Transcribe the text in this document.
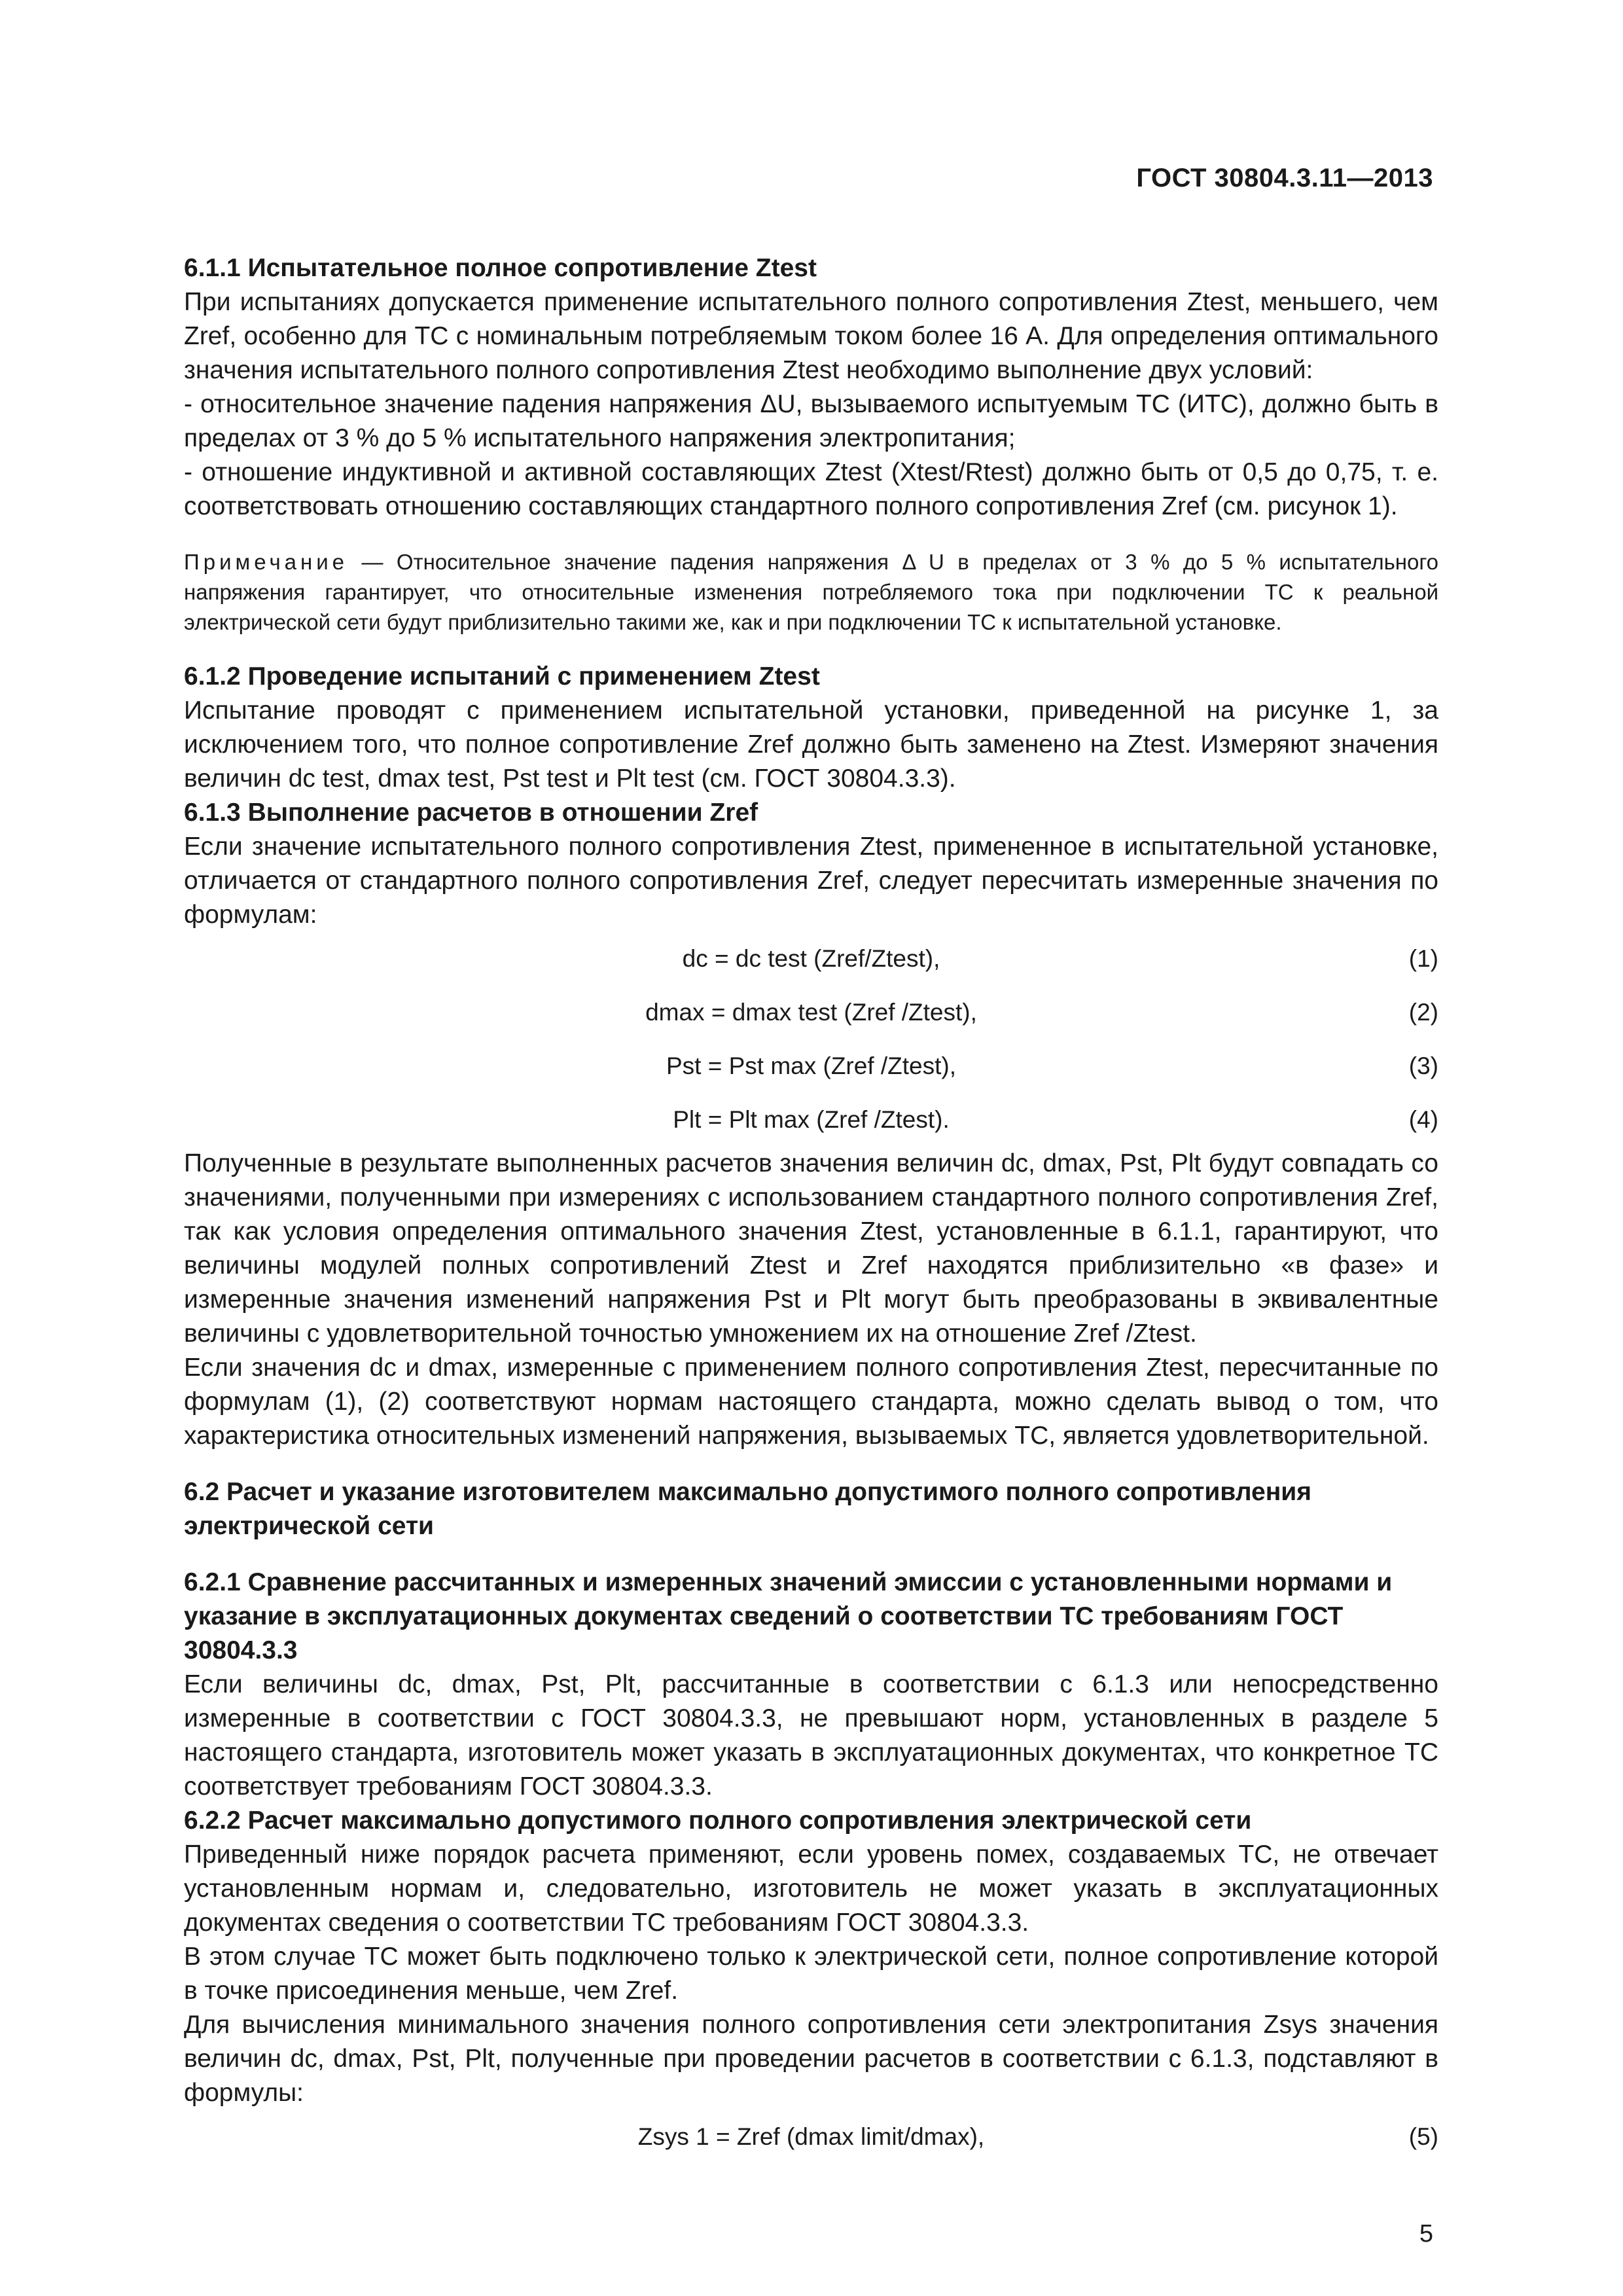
ГОСТ 30804.3.11—2013
6.1.1 Испытательное полное сопротивление Ztest

При испытаниях допускается применение испытательного полного сопротивления Ztest, меньшего, чем Zref, особенно для ТС с номинальным потребляемым током более 16 А. Для определения оптимального значения испытательного полного сопротивления Ztest необходимо выполнение двух условий:

- относительное значение падения напряжения ΔU, вызываемого испытуемым ТС (ИТС), должно быть в пределах от 3 % до 5 % испытательного напряжения электропитания;

- отношение индуктивной и активной составляющих Ztest (Xtest/Rtest) должно быть от 0,5 до 0,75, т. е. соответствовать отношению составляющих стандартного полного сопротивления Zref (см. рисунок 1).

Примечание — Относительное значение падения напряжения Δ U в пределах от 3 % до 5 % испытательного напряжения гарантирует, что относительные изменения потребляемого тока при подключении ТС к реальной электрической сети будут приблизительно такими же, как и при подключении ТС к испытательной установке.

6.1.2 Проведение испытаний с применением Ztest

Испытание проводят с применением испытательной установки, приведенной на рисунке 1, за исключением того, что полное сопротивление Zref должно быть заменено на Ztest. Измеряют значения величин dc test, dmax test, Pst test и Plt test (см. ГОСТ 30804.3.3).

6.1.3 Выполнение расчетов в отношении Zref

Если значение испытательного полного сопротивления Ztest, примененное в испытательной установке, отличается от стандартного полного сопротивления Zref, следует пересчитать измеренные значения по формулам:

dc = dc test (Zref/Ztest),	(1)
dmax = dmax test (Zref /Ztest),	(2)
Pst = Pst max (Zref /Ztest),	(3)
Plt = Plt max (Zref /Ztest).	(4)

Полученные в результате выполненных расчетов значения величин dc, dmax, Pst, Plt будут совпадать со значениями, полученными при измерениях с использованием стандартного полного сопротивления Zref, так как условия определения оптимального значения Ztest, установленные в 6.1.1, гарантируют, что величины модулей полных сопротивлений Ztest и Zref находятся приблизительно «в фазе» и измеренные значения изменений напряжения Pst и Plt могут быть преобразованы в эквивалентные величины с удовлетворительной точностью умножением их на отношение Zref /Ztest.

Если значения dc и dmax, измеренные с применением полного сопротивления Ztest, пересчитанные по формулам (1), (2) соответствуют нормам настоящего стандарта, можно сделать вывод о том, что характеристика относительных изменений напряжения, вызываемых ТС, является удовлетворительной.

6.2 Расчет и указание изготовителем максимально допустимого полного сопротивления электрической сети
6.2.1 Сравнение рассчитанных и измеренных значений эмиссии с установленными нормами и указание в эксплуатационных документах сведений о соответствии ТС требованиям ГОСТ 30804.3.3

Если величины dc, dmax, Pst, Plt, рассчитанные в соответствии с 6.1.3 или непосредственно измеренные в соответствии с ГОСТ 30804.3.3, не превышают норм, установленных в разделе 5 настоящего стандарта, изготовитель может указать в эксплуатационных документах, что конкретное ТС соответствует требованиям ГОСТ 30804.3.3.

6.2.2 Расчет максимально допустимого полного сопротивления электрической сети

Приведенный ниже порядок расчета применяют, если уровень помех, создаваемых ТС, не отвечает установленным нормам и, следовательно, изготовитель не может указать в эксплуатационных документах сведения о соответствии ТС требованиям ГОСТ 30804.3.3.

В этом случае ТС может быть подключено только к электрической сети, полное сопротивление которой в точке присоединения меньше, чем Zref.

Для вычисления минимального значения полного сопротивления сети электропитания Zsys значения величин dc, dmax, Pst, Plt, полученные при проведении расчетов в соответствии с 6.1.3, подставляют в формулы:

Zsys 1 = Zref (dmax limit/dmax),	(5)
5
